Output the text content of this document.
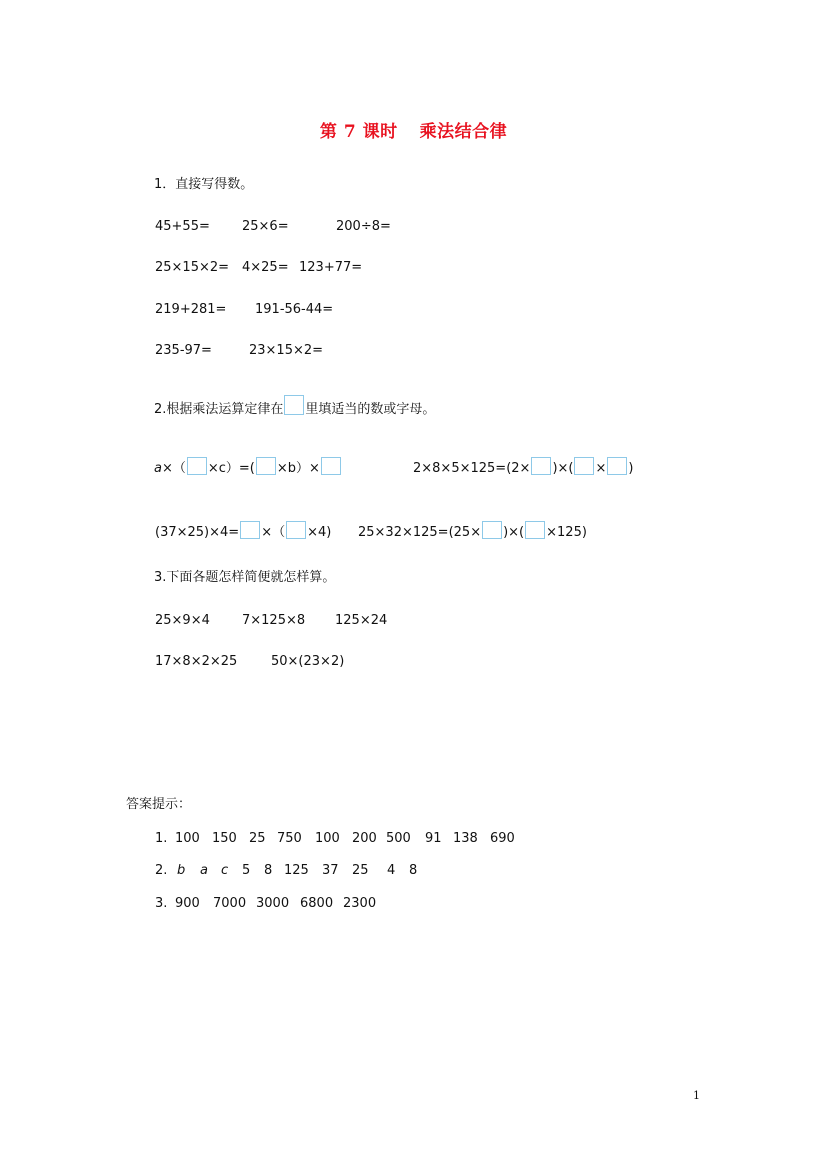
第 7 课时 乘法结合律
1．直接写得数。
45+55= 25×6=	200÷8=
25×15×2= 4×25= 123+77=
219+281= 191-56-44=
235-97=	23×15×2=
2.根据乘法运算定律在 里填适当的数或字母。
a×（ ×c）=( ×b）×	2×8×5×125=(2× )×( × )
(37×25)×4= ×（ ×4) 25×32×125=(25× )×( ×125)
3.下面各题怎样简便就怎样算。
25×9×4 7×125×8 125×24
17×8×2×25	50×(23×2)
答案提示：
1. 100 150 25 750 100 200 500 91 138 690
2. b a c 5 8 125 37 25 4 8
3. 900 7000 3000 6800 2300
1
